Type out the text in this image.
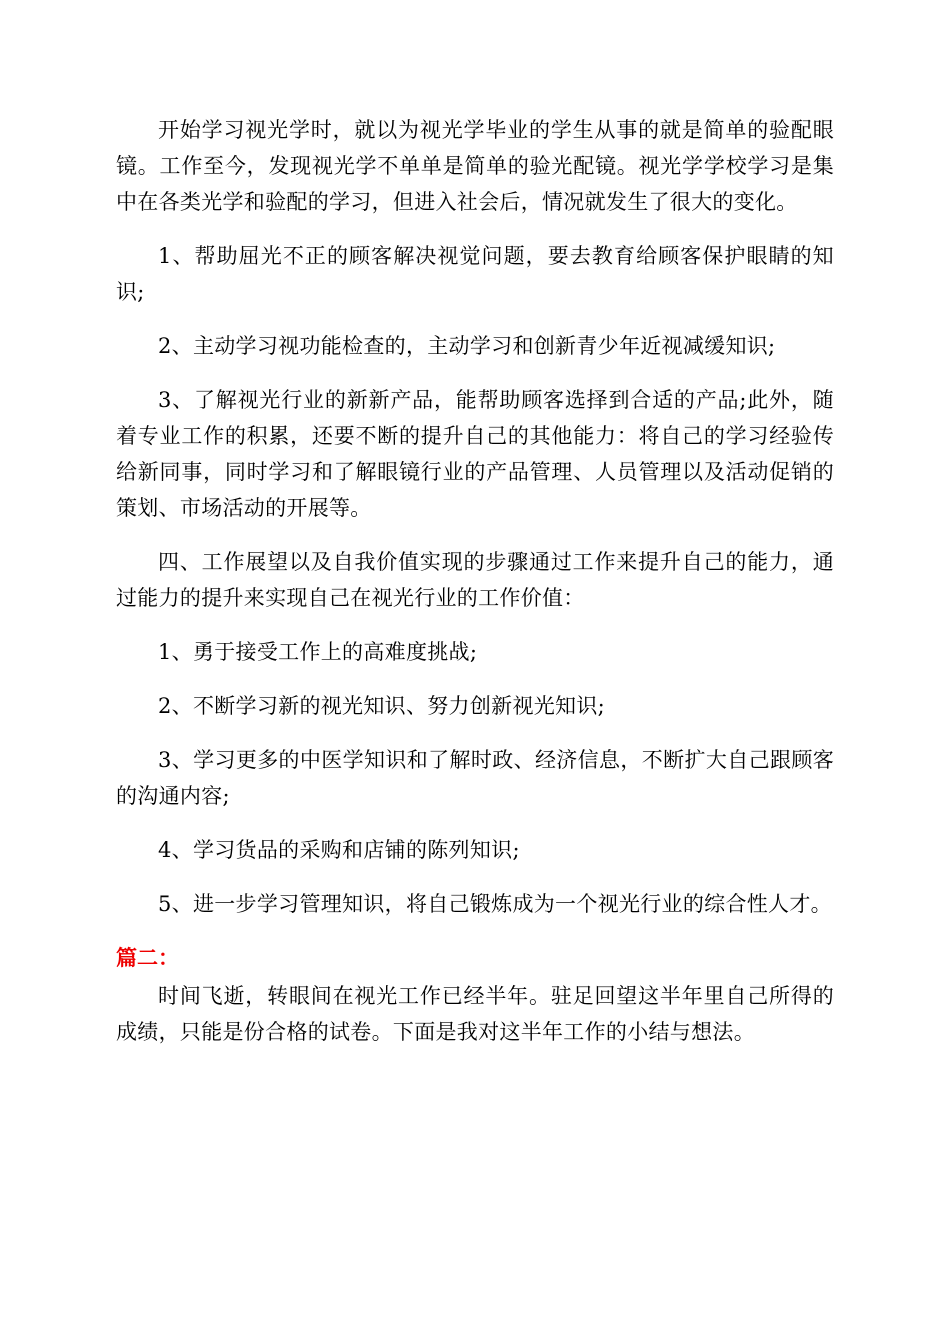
开始学习视光学时，就以为视光学毕业的学生从事的就是简单的验配眼镜。工作至今，发现视光学不单单是简单的验光配镜。视光学学校学习是集中在各类光学和验配的学习，但进入社会后，情况就发生了很大的变化。

1、帮助屈光不正的顾客解决视觉问题，要去教育给顾客保护眼睛的知识;

2、主动学习视功能检查的，主动学习和创新青少年近视减缓知识;

3、了解视光行业的新新产品，能帮助顾客选择到合适的产品;此外，随着专业工作的积累，还要不断的提升自己的其他能力：将自己的学习经验传给新同事，同时学习和了解眼镜行业的产品管理、人员管理以及活动促销的策划、市场活动的开展等。

四、工作展望以及自我价值实现的步骤通过工作来提升自己的能力，通过能力的提升来实现自己在视光行业的工作价值：

1、勇于接受工作上的高难度挑战;

2、不断学习新的视光知识、努力创新视光知识;

3、学习更多的中医学知识和了解时政、经济信息，不断扩大自己跟顾客的沟通内容;

4、学习货品的采购和店铺的陈列知识;

5、进一步学习管理知识，将自己锻炼成为一个视光行业的综合性人才。

篇二：

时间飞逝，转眼间在视光工作已经半年。驻足回望这半年里自己所得的成绩，只能是份合格的试卷。下面是我对这半年工作的小结与想法。
